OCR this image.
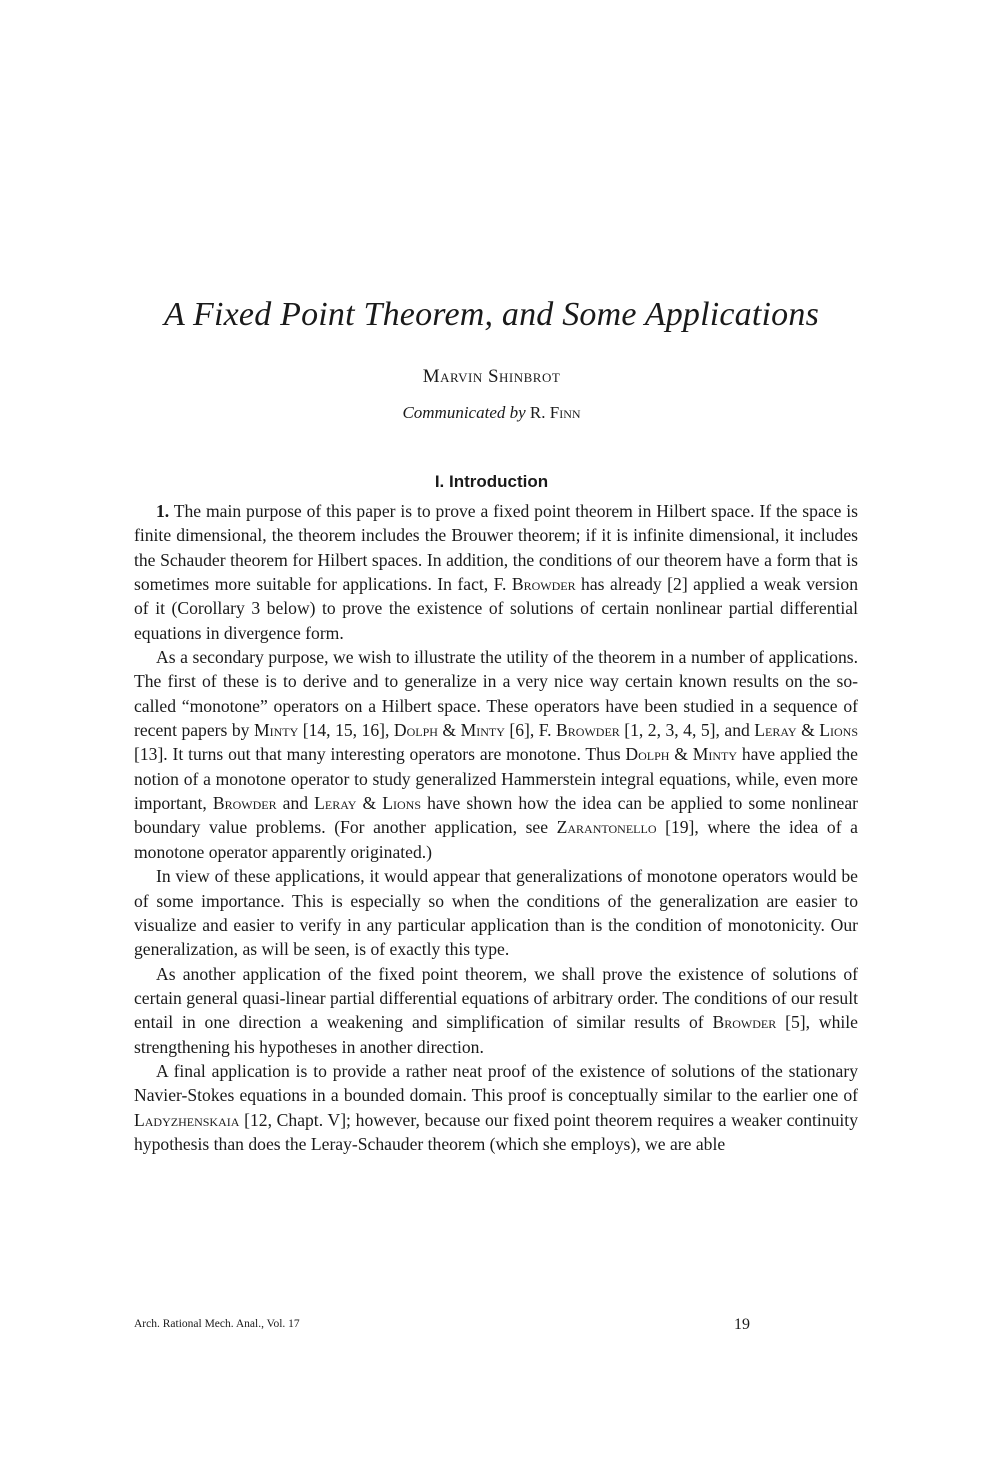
A Fixed Point Theorem, and Some Applications
Marvin Shinbrot
Communicated by R. Finn
I. Introduction

1. The main purpose of this paper is to prove a fixed point theorem in Hilbert space. If the space is finite dimensional, the theorem includes the Brouwer theorem; if it is infinite dimensional, it includes the Schauder theorem for Hilbert spaces. In addition, the conditions of our theorem have a form that is sometimes more suitable for applications. In fact, F. Browder has already [2] applied a weak version of it (Corollary 3 below) to prove the existence of solutions of certain nonlinear partial differential equations in divergence form.

As a secondary purpose, we wish to illustrate the utility of the theorem in a number of applications. The first of these is to derive and to generalize in a very nice way certain known results on the so-called “monotone” operators on a Hilbert space. These operators have been studied in a sequence of recent papers by Minty [14, 15, 16], Dolph & Minty [6], F. Browder [1, 2, 3, 4, 5], and Leray & Lions [13]. It turns out that many interesting operators are monotone. Thus Dolph & Minty have applied the notion of a monotone operator to study generalized Hammerstein integral equations, while, even more important, Browder and Leray & Lions have shown how the idea can be applied to some nonlinear boundary value problems. (For another application, see Zarantonello [19], where the idea of a monotone operator apparently originated.)

In view of these applications, it would appear that generalizations of monotone operators would be of some importance. This is especially so when the conditions of the generalization are easier to visualize and easier to verify in any particular application than is the condition of monotonicity. Our generalization, as will be seen, is of exactly this type.

As another application of the fixed point theorem, we shall prove the existence of solutions of certain general quasi-linear partial differential equations of arbitrary order. The conditions of our result entail in one direction a weakening and simplification of similar results of Browder [5], while strengthening his hypotheses in another direction.

A final application is to provide a rather neat proof of the existence of solutions of the stationary Navier-Stokes equations in a bounded domain. This proof is conceptually similar to the earlier one of Ladyzhenskaia [12, Chapt. V]; however, because our fixed point theorem requires a weaker continuity hypothesis than does the Leray-Schauder theorem (which she employs), we are able

Arch. Rational Mech. Anal., Vol. 17	19
